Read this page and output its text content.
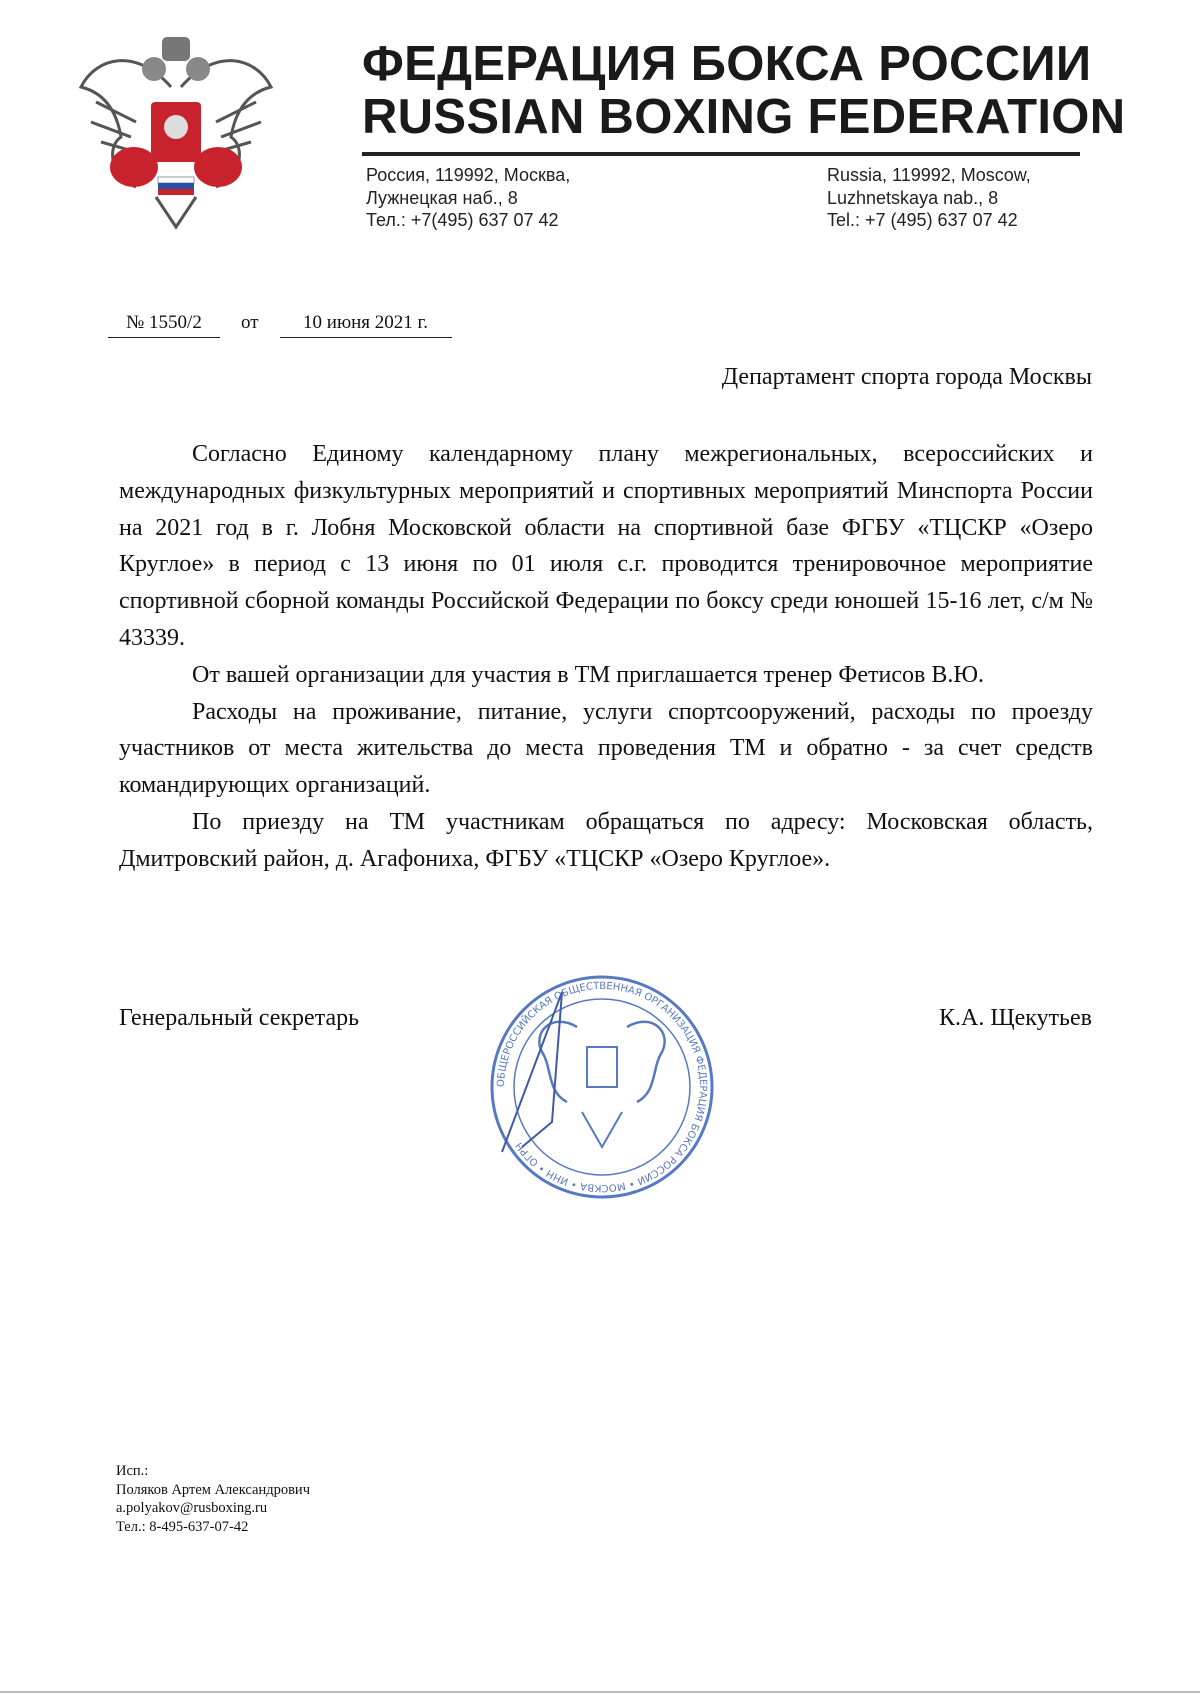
ФЕДЕРАЦИЯ БОКСА РОССИИ
RUSSIAN BOXING FEDERATION
Россия, 119992, Москва,
Лужнецкая наб., 8
Тел.: +7(495) 637 07 42
Russia, 119992, Moscow,
Luzhnetskaya nab., 8
Tel.: +7 (495) 637 07 42
№ 1550/2 от 10 июня 2021 г.
Департамент спорта города Москвы

Согласно Единому календарному плану межрегиональных, всероссийских и международных физкультурных мероприятий и спортивных мероприятий Минспорта России на 2021 год в г. Лобня Московской области на спортивной базе ФГБУ «ТЦСКР «Озеро Круглое» в период с 13 июня по 01 июля с.г. проводится тренировочное мероприятие спортивной сборной команды Российской Федерации по боксу среди юношей 15-16 лет, с/м № 43339.

От вашей организации для участия в ТМ приглашается тренер Фетисов В.Ю.

Расходы на проживание, питание, услуги спортсооружений, расходы по проезду участников от места жительства до места проведения ТМ и обратно - за счет средств командирующих организаций.

По приезду на ТМ участникам обращаться по адресу: Московская область, Дмитровский район, д. Агафониха, ФГБУ «ТЦСКР «Озеро Круглое».

Генеральный секретарь	К.А. Щекутьев
ОБЩЕРОССИЙСКАЯ ОБЩЕСТВЕННАЯ ОРГАНИЗАЦИЯ ФЕДЕРАЦИЯ БОКСА РОССИИ • МОСКВА • ИНН • ОГРН
Исп.:
Поляков Артем Александрович
a.polyakov@rusboxing.ru
Тел.: 8-495-637-07-42
